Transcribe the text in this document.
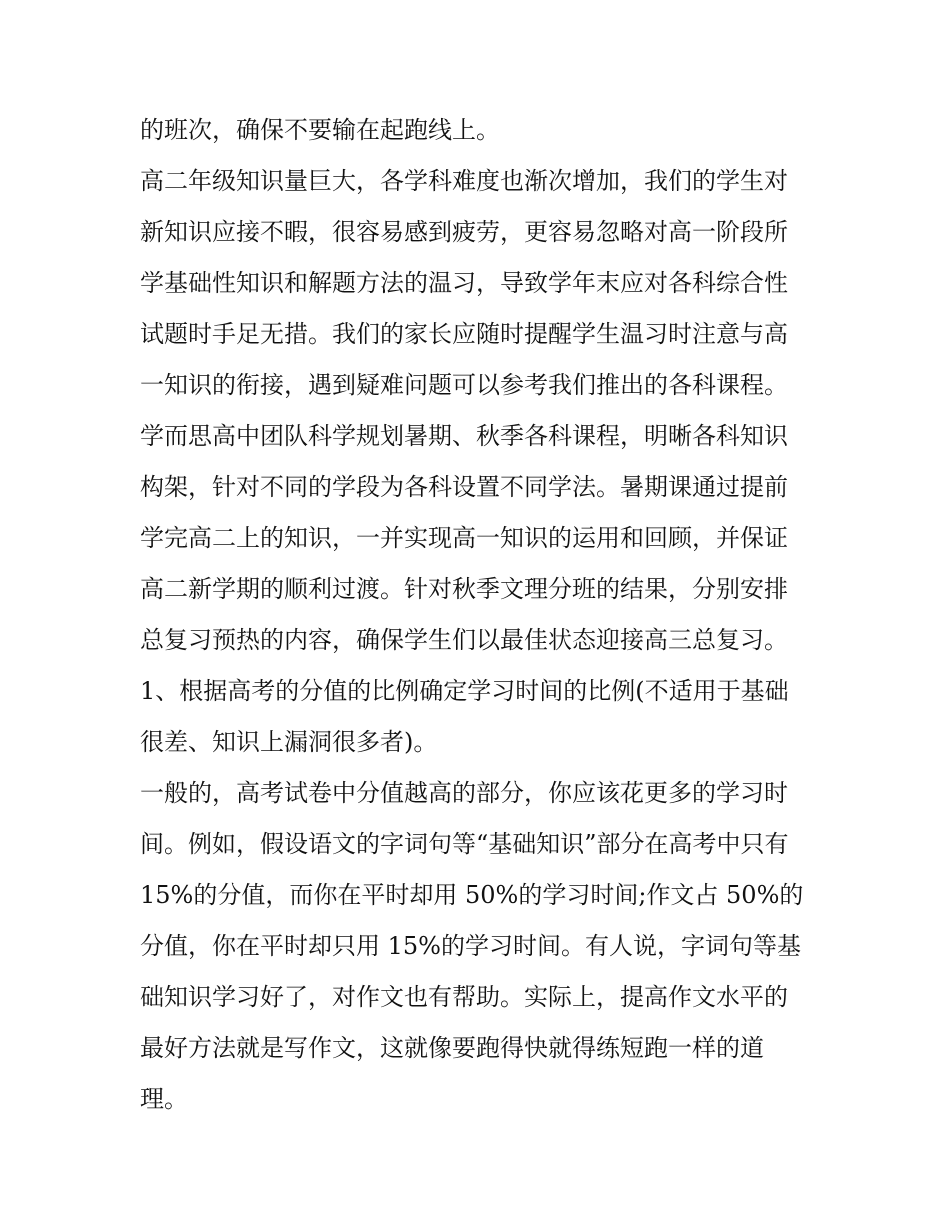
的班次，确保不要输在起跑线上。
高二年级知识量巨大，各学科难度也渐次增加，我们的学生对
新知识应接不暇，很容易感到疲劳，更容易忽略对高一阶段所
学基础性知识和解题方法的温习，导致学年末应对各科综合性
试题时手足无措。我们的家长应随时提醒学生温习时注意与高
一知识的衔接，遇到疑难问题可以参考我们推出的各科课程。
学而思高中团队科学规划暑期、秋季各科课程，明晰各科知识
构架，针对不同的学段为各科设置不同学法。暑期课通过提前
学完高二上的知识，一并实现高一知识的运用和回顾，并保证
高二新学期的顺利过渡。针对秋季文理分班的结果，分别安排
总复习预热的内容，确保学生们以最佳状态迎接高三总复习。
1、根据高考的分值的比例确定学习时间的比例(不适用于基础
很差、知识上漏洞很多者)。
一般的，高考试卷中分值越高的部分，你应该花更多的学习时
间。例如，假设语文的字词句等“基础知识”部分在高考中只有
15%的分值，而你在平时却用 50%的学习时间;作文占 50%的
分值，你在平时却只用 15%的学习时间。有人说，字词句等基
础知识学习好了，对作文也有帮助。实际上，提高作文水平的
最好方法就是写作文，这就像要跑得快就得练短跑一样的道
理。
